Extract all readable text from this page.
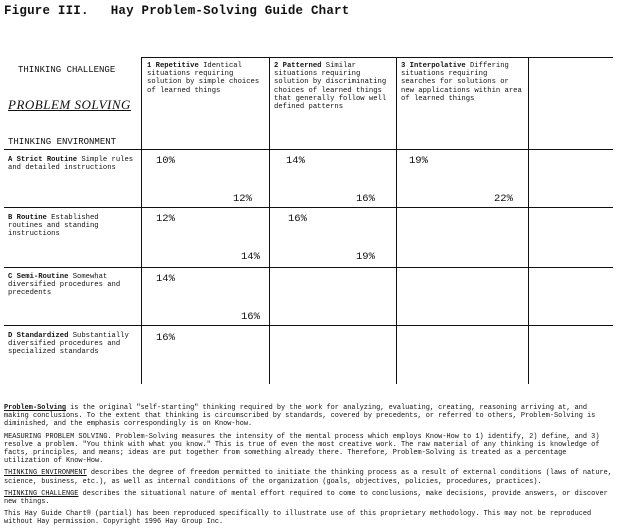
Figure III. Hay Problem-Solving Guide Chart
THINKING CHALLENGE
PROBLEM SOLVING
THINKING ENVIRONMENT
1 Repetitive Identical situations requiring solution by simple choices of learned things
2 Patterned Similar situations requiring solution by discriminating choices of learned things that generally follow well defined patterns
3 Interpolative Differing situations requiring searches for solutions or new applications within area of learned things
A Strict Routine Simple rules and detailed instructions
B Routine Established routines and standing instructions
C Semi-Routine Somewhat diversified procedures and precedents
D Standardized Substantially diversified procedures and specialized standards
10%
12%
14%
16%
19%
22%
12%
14%
16%
19%
14%
16%
16%

Problem-Solving is the original "self-starting" thinking required by the work for analyzing, evaluating, creating, reasoning arriving at, and making conclusions. To the extent that thinking is circumscribed by standards, covered by precedents, or referred to others, Problem-Solving is diminished, and the emphasis correspondingly is on Know-how.

MEASURING PROBLEM SOLVING. Problem-Solving measures the intensity of the mental process which employs Know-How to 1) identify, 2) define, and 3) resolve a problem. "You think with what you know." This is true of even the most creative work. The raw material of any thinking is knowledge of facts, principles, and means; ideas are put together from something already there. Therefore, Problem-Solving is treated as a percentage utilization of Know-How.

THINKING ENVIRONMENT describes the degree of freedom permitted to initiate the thinking process as a result of external conditions (laws of nature, science, business, etc.), as well as internal conditions of the organization (goals, objectives, policies, procedures, practices).

THINKING CHALLENGE describes the situational nature of mental effort required to come to conclusions, make decisions, provide answers, or discover new things.

This Hay Guide Chart® (partial) has been reproduced specifically to illustrate use of this proprietary methodology. This may not be reproduced without Hay permission. Copyright 1996 Hay Group Inc.
